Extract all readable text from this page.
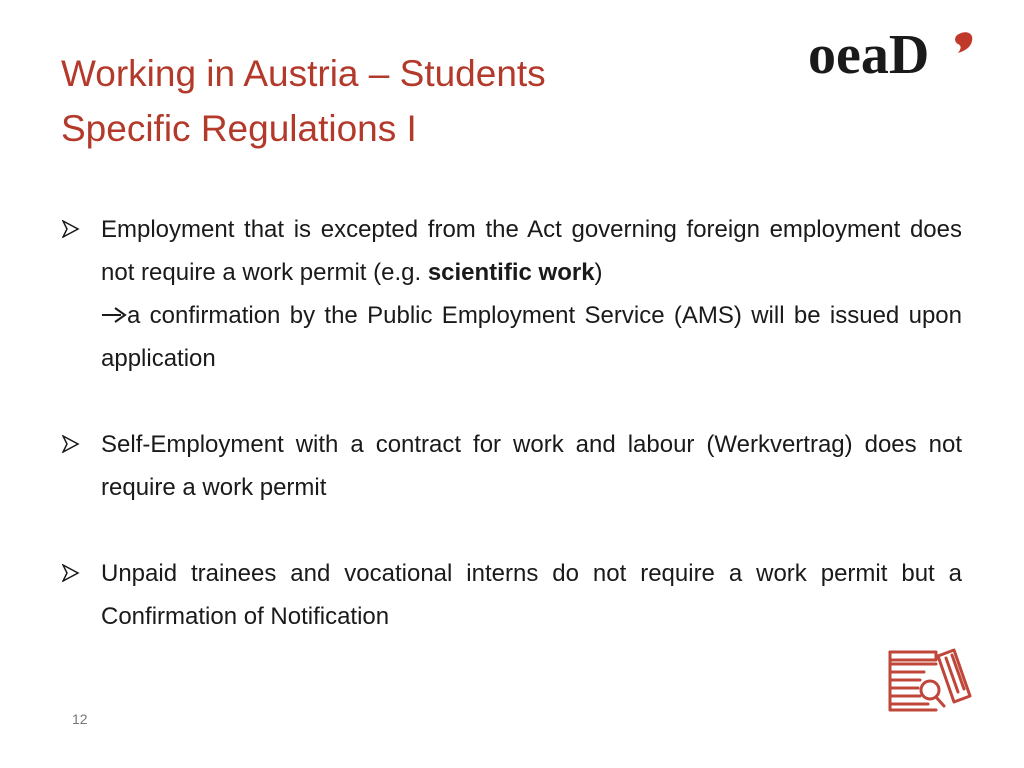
Working in Austria – Students
Specific Regulations I
oeaD
Employment that is excepted from the Act governing foreign employment does not require a work permit (e.g. scientific work)
a confirmation by the Public Employment Service (AMS) will be issued upon application
Self-Employment with a contract for work and labour (Werkvertrag) does not require a work permit
Unpaid trainees and vocational interns do not require a work permit but a Confirmation of Notification
12
